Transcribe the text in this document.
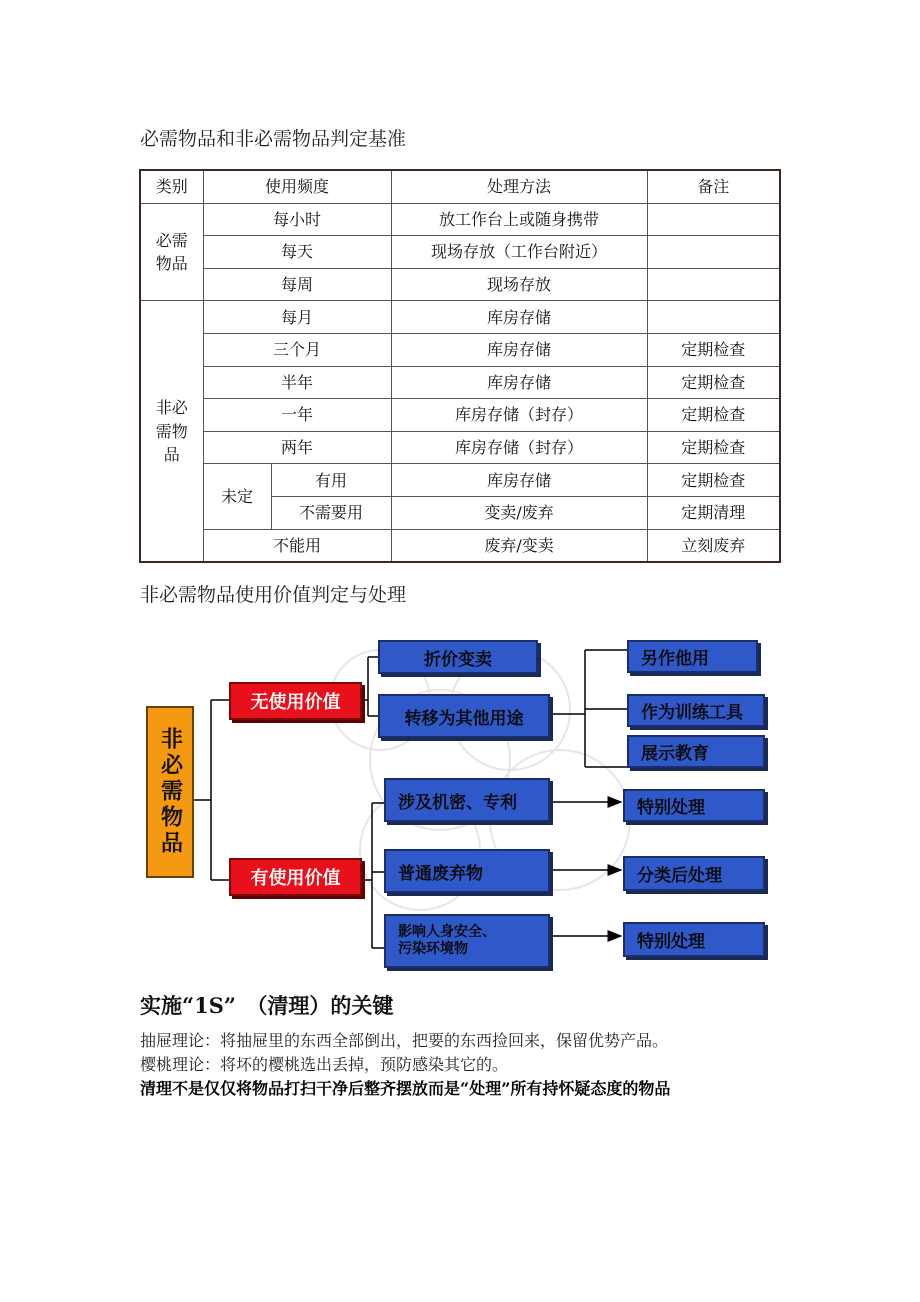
必需物品和非必需物品判定基准
类别	使用频度		处理方法	备注
必需
物品	每小时		放工作台上或随身携带	
	每天		现场存放（工作台附近）	
	每周		现场存放	
非必
需物
品	每月		库房存储	
	三个月		库房存储	定期检查
	半年		库房存储	定期检查
	一年		库房存储（封存）	定期检查
	两年		库房存储（封存）	定期检查
	未定	有用	库房存储	定期检查
		不需要用	变卖/废弃	定期清理
	不能用		废弃/变卖	立刻废弃
非必需物品使用价值判定与处理
非必需物品
无使用价值
有使用价值
折价变卖
转移为其他用途
另作他用
作为训练工具
展示教育
涉及机密、专利
普通废弃物
影响人身安全、
污染环境物
特别处理
分类后处理
特别处理
实施“1S”　（清理）的关键
抽屉理论：将抽屉里的东西全部倒出，把要的东西捡回来，保留优势产品。
樱桃理论：将坏的樱桃选出丢掉，预防感染其它的。
清理不是仅仅将物品打扫干净后整齐摆放而是“处理”所有持怀疑态度的物品
